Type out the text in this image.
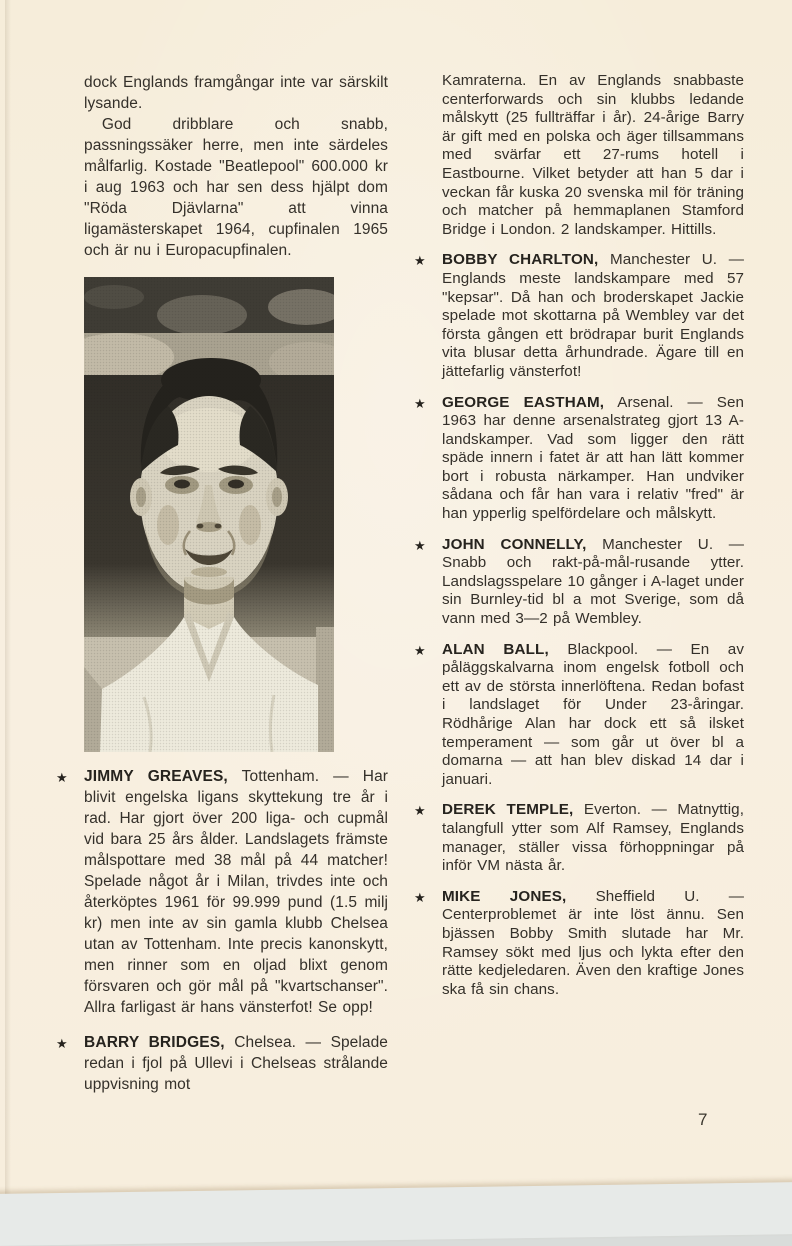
dock Englands framgångar inte var särskilt lysande.

God dribblare och snabb, passningssäker herre, men inte särdeles målfarlig. Kostade "Beatlepool" 600.000 kr i aug 1963 och har sen dess hjälpt dom "Röda Djävlarna" att vinna ligamästerskapet 1964, cupfinalen 1965 och är nu i Europacupfinalen.

★	JIMMY GREAVES, Tottenham. — Har blivit engelska ligans skyttekung tre år i rad. Har gjort över 200 liga- och cupmål vid bara 25 års ålder. Landslagets främste målspottare med 38 mål på 44 matcher! Spelade något år i Milan, trivdes inte och återköptes 1961 för 99.999 pund (1.5 milj kr) men inte av sin gamla klubb Chelsea utan av Tottenham. Inte precis kanonskytt, men rinner som en oljad blixt genom försvaren och gör mål på "kvartschanser". Allra farligast är hans vänsterfot! Se opp!

★	BARRY BRIDGES, Chelsea. — Spelade redan i fjol på Ullevi i Chelseas strålande uppvisning mot

Kamraterna. En av Englands snabbaste centerforwards och sin klubbs ledande målskytt (25 fullträffar i år). 24-årige Barry är gift med en polska och äger tillsammans med svärfar ett 27-rums hotell i Eastbourne. Vilket betyder att han 5 dar i veckan får kuska 20 svenska mil för träning och matcher på hemmaplanen Stamford Bridge i London. 2 landskamper. Hittills.

★	BOBBY CHARLTON, Manchester U. — Englands meste landskampare med 57 "kepsar". Då han och broderskapet Jackie spelade mot skottarna på Wembley var det första gången ett brödrapar burit Englands vita blusar detta århundrade. Ägare till en jättefarlig vänsterfot!

★	GEORGE EASTHAM, Arsenal. — Sen 1963 har denne arsenalstrateg gjort 13 A-landskamper. Vad som ligger den rätt späde innern i fatet är att han lätt kommer bort i robusta närkamper. Han undviker sådana och får han vara i relativ "fred" är han ypperlig spelfördelare och målskytt.

★	JOHN CONNELLY, Manchester U. — Snabb och rakt-på-mål-rusande ytter. Landslagsspelare 10 gånger i A-laget under sin Burnley-tid bl a mot Sverige, som då vann med 3—2 på Wembley.

★	ALAN BALL, Blackpool. — En av påläggskalvarna inom engelsk fotboll och ett av de största innerlöftena. Redan bofast i landslaget för Under 23-åringar. Rödhårige Alan har dock ett så ilsket temperament — som går ut över bl a domarna — att han blev diskad 14 dar i januari.

★	DEREK TEMPLE, Everton. — Matnyttig, talangfull ytter som Alf Ramsey, Englands manager, ställer vissa förhoppningar på inför VM nästa år.

★	MIKE JONES, Sheffield U. — Centerproblemet är inte löst ännu. Sen bjässen Bobby Smith slutade har Mr. Ramsey sökt med ljus och lykta efter den rätte kedjeledaren. Även den kraftige Jones ska få sin chans.

7
